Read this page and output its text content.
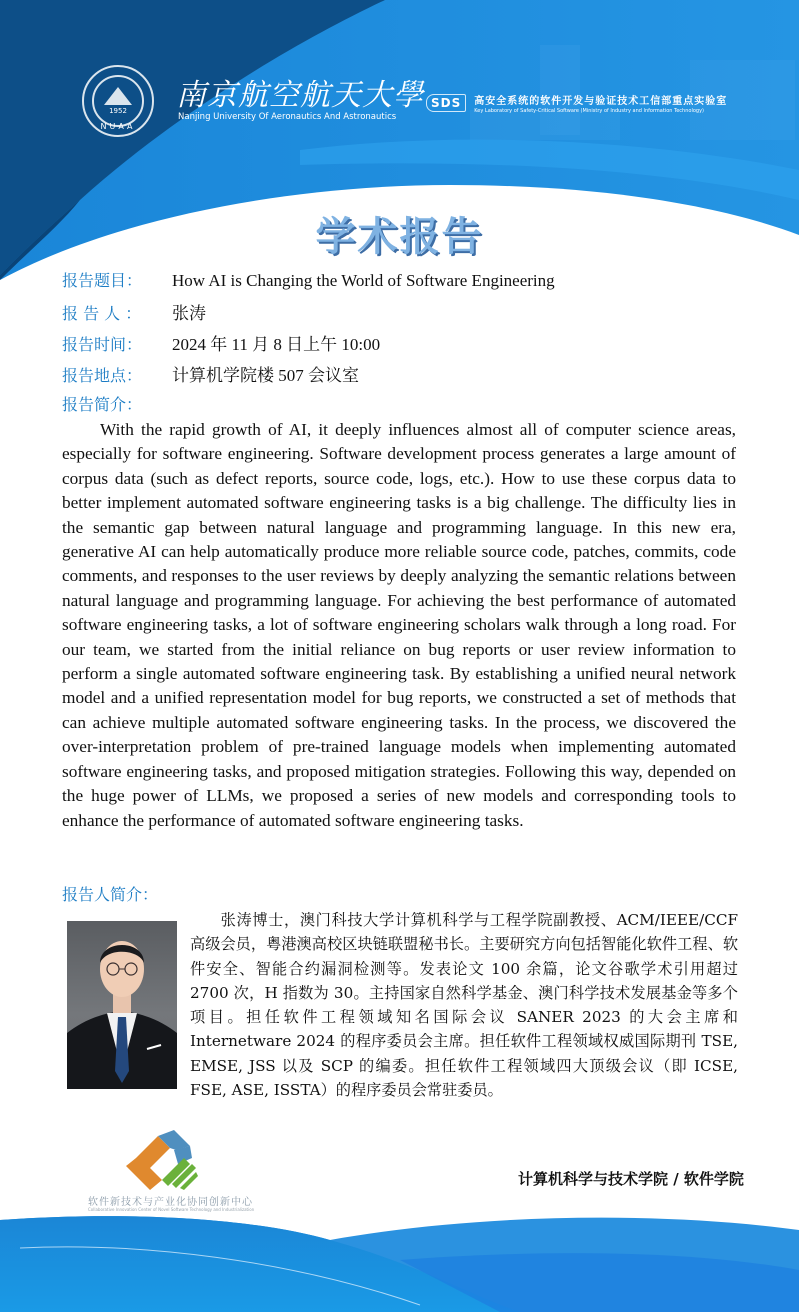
1952
NUAA
南京航空航天大學
Nanjing University Of Aeronautics And Astronautics
SDS	高安全系统的软件开发与验证技术工信部重点实验室
Key Laboratory of Safety-Critical Software (Ministry of Industry and Information Technology)
学术报告
报告题目：	How AI is Changing the World of Software Engineering
报 告 人 ：	张涛
报告时间：	2024 年 11 月 8 日上午 10:00
报告地点：	计算机学院楼 507 会议室
报告简介：

With the rapid growth of AI, it deeply influences almost all of computer science areas, especially for software engineering. Software development process generates a large amount of corpus data (such as defect reports, source code, logs, etc.). How to use these corpus data to better implement automated software engineering tasks is a big challenge. The difficulty lies in the semantic gap between natural language and programming language. In this new era, generative AI can help automatically produce more reliable source code, patches, commits, code comments, and responses to the user reviews by deeply analyzing the semantic relations between natural language and programming language. For achieving the best performance of automated software engineering tasks, a lot of software engineering scholars walk through a long road. For our team, we started from the initial reliance on bug reports or user review information to perform a single automated software engineering task. By establishing a unified neural network model and a unified representation model for bug reports, we constructed a set of methods that can achieve multiple automated software engineering tasks. In the process, we discovered the over-interpretation problem of pre-trained language models when implementing automated software engineering tasks, and proposed mitigation strategies. Following this way, depended on the huge power of LLMs, we proposed a series of new models and corresponding tools to enhance the performance of automated software engineering tasks.

报告人简介：

张涛博士，澳门科技大学计算机科学与工程学院副教授、ACM/IEEE/CCF 高级会员，粤港澳高校区块链联盟秘书长。主要研究方向包括智能化软件工程、软件安全、智能合约漏洞检测等。发表论文 100 余篇，论文谷歌学术引用超过 2700 次，H 指数为 30。主持国家自然科学基金、澳门科学技术发展基金等多个项目。担任软件工程领域知名国际会议 SANER 2023 的大会主席和 Internetware 2024 的程序委员会主席。担任软件工程领域权威国际期刊 TSE, EMSE, JSS 以及 SCP 的编委。担任软件工程领域四大顶级会议（即 ICSE, FSE, ASE, ISSTA）的程序委员会常驻委员。

软件新技术与产业化协同创新中心
Collaborative Innovation Center of Novel Software Technology and Industrialization
计算机科学与技术学院 / 软件学院
